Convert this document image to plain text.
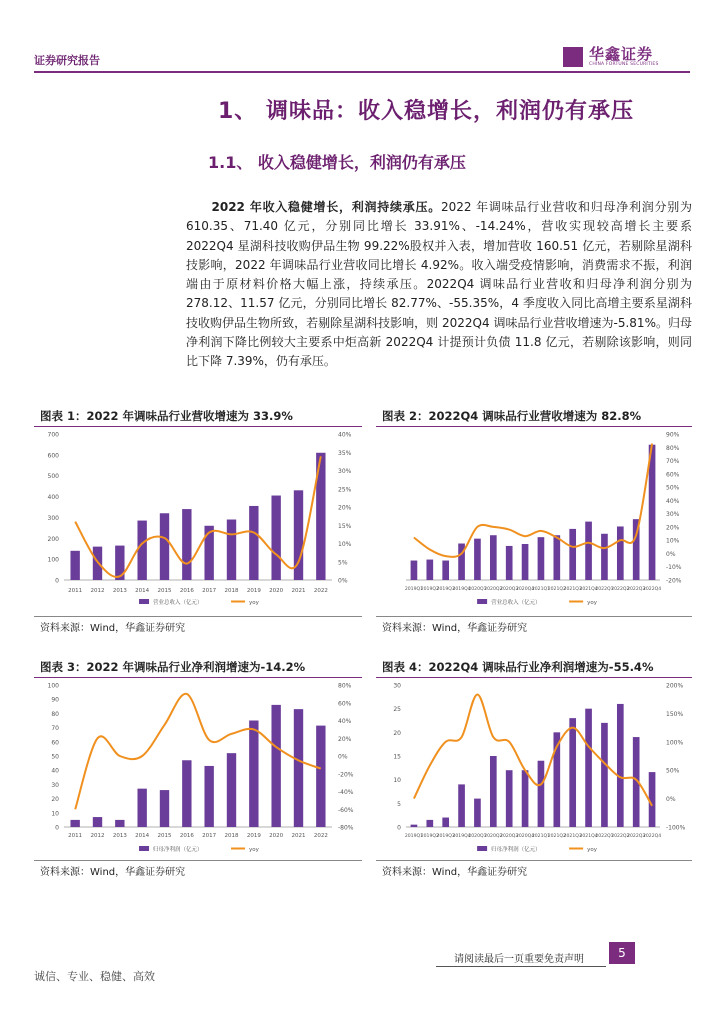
证券研究报告	华鑫证券
CHINA FORTUNE SECURITIES
1、 调味品：收入稳增长，利润仍有承压
1.1、 收入稳健增长，利润仍有承压
　　2022 年收入稳健增长，利润持续承压。2022 年调味品行业营收和归母净利润分别为 610.35、71.40 亿元，分别同比增长 33.91%、-14.24%，营收实现较高增长主要系 2022Q4 星湖科技收购伊品生物 99.22%股权并入表，增加营收 160.51 亿元，若剔除星湖科技影响，2022 年调味品行业营收同比增长 4.92%。收入端受疫情影响，消费需求不振，利润端由于原材料价格大幅上涨，持续承压。2022Q4 调味品行业营收和归母净利润分别为 278.12、11.57 亿元，分别同比增长 82.77%、-55.35%，4 季度收入同比高增主要系星湖科技收购伊品生物所致，若剔除星湖科技影响，则 2022Q4 调味品行业营收增速为-5.81%。归母净利润下降比例较大主要系中炬高新 2022Q4 计提预计负债 11.8 亿元，若剔除该影响，则同比下降 7.39%，仍有承压。
图表 1：2022 年调味品行业营收增速为 33.9%
700
600
500
400
300
200
100
0
40%
35%
30%
25%
20%
15%
10%
5%
0%
2011 2012 2013 2014 2015 2016 2017 2018 2019 2020 2021 2022
营业总收入（亿元）	yoy
资料来源：Wind，华鑫证券研究
图表 2：2022Q4 调味品行业营收增速为 82.8%
90%
80%
70%
60%
50%
40%
30%
20%
10%
0%
-10%
-20%
2019Q1
2019Q2
2019Q3
2019Q4
2020Q1
2020Q2
2020Q3
2020Q4
2021Q1
2021Q2
2021Q3
2021Q4
2022Q1
2022Q2
2022Q3
2022Q4
营业总收入（亿元）	yoy
资料来源：Wind，华鑫证券研究
图表 3：2022 年调味品行业净利润增速为-14.2%
100
90
80
70
60
50
40
30
20
10
0
80%
60%
40%
20%
0%
-20%
-40%
-60%
-80%
2011 2012 2013 2014 2015 2016 2017 2018 2019 2020 2021 2022
归母净利润（亿元）	yoy
资料来源：Wind，华鑫证券研究
图表 4：2022Q4 调味品行业净利润增速为-55.4%
30
25
20
15
10
5
0
200%
150%
100%
50%
0%
-100%
2019Q1
2019Q2
2019Q3
2019Q4
2020Q1
2020Q2
2020Q3
2020Q4
2021Q1
2021Q2
2021Q3
2021Q4
2022Q1
2022Q2
2022Q3
2022Q4
归母净利润（亿元）	yoy
资料来源：Wind，华鑫证券研究
请阅读最后一页重要免责声明	5
诚信、专业、稳健、高效
